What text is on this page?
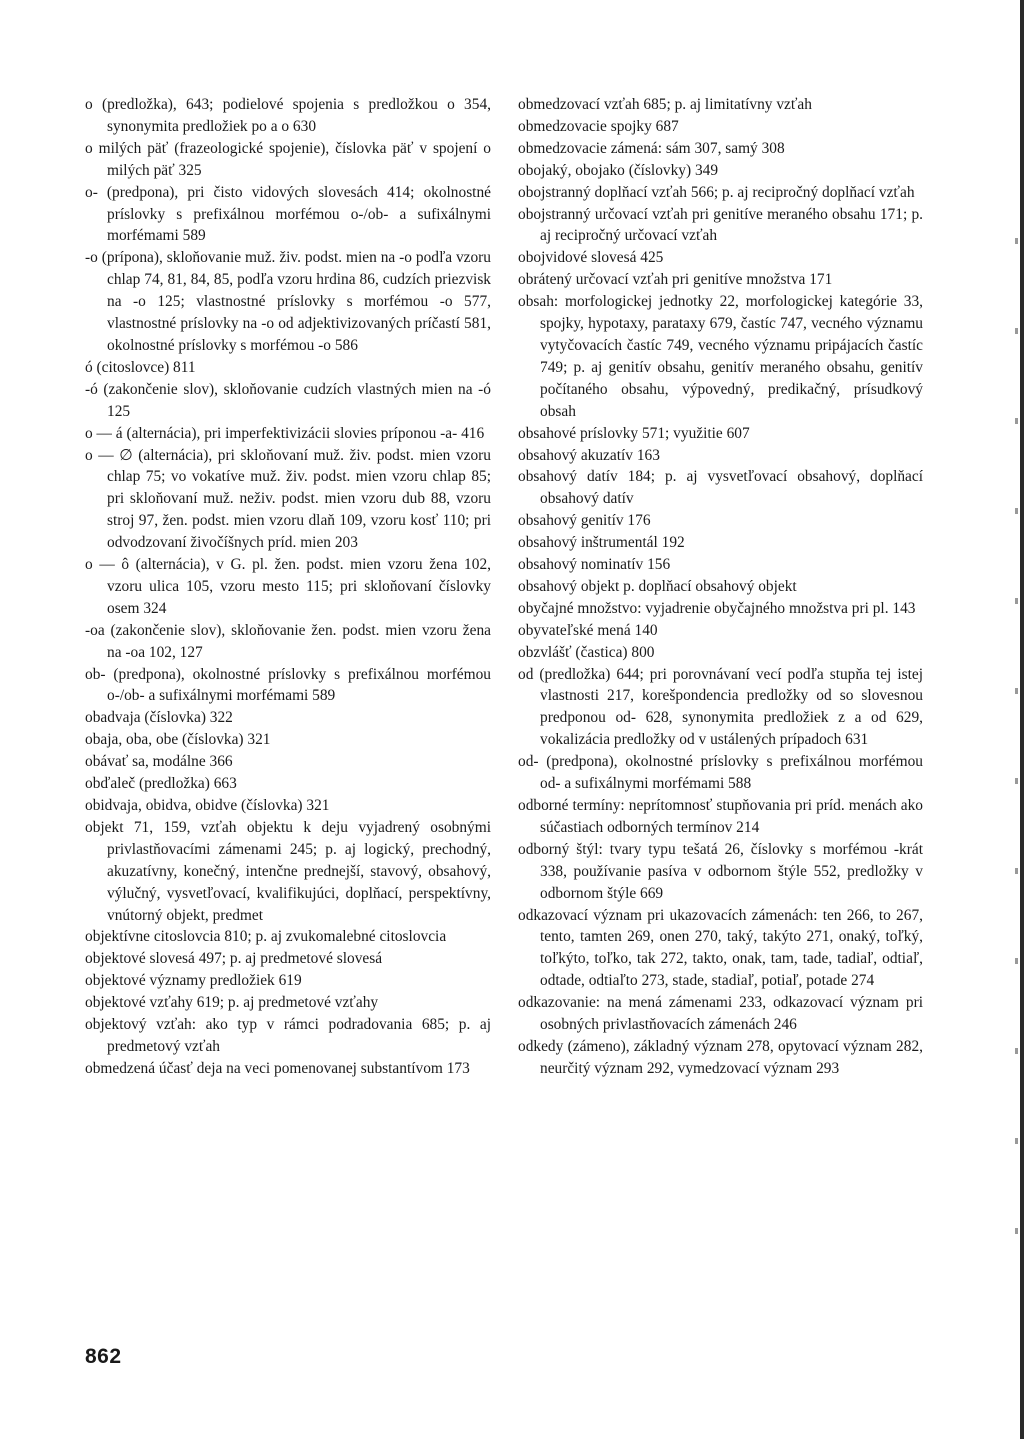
o (predložka), 643; podielové spojenia s predložkou o 354, synonymita predložiek po a o 630

o milých päť (frazeologické spojenie), číslovka päť v spojení o milých päť 325

o- (predpona), pri čisto vidových slovesách 414; okolnostné príslovky s prefixálnou morfémou o-/ob- a sufixálnymi morfémami 589

-o (prípona), skloňovanie muž. živ. podst. mien na -o podľa vzoru chlap 74, 81, 84, 85, podľa vzoru hrdina 86, cudzích priezvisk na -o 125; vlastnostné príslovky s morfémou -o 577, vlastnostné príslovky na -o od adjektivizovaných príčastí 581, okolnostné príslovky s morfémou -o 586

ó (citoslovce) 811

-ó (zakončenie slov), skloňovanie cudzích vlastných mien na -ó 125

o — á (alternácia), pri imperfektivizácii slovies príponou -a- 416

o — ∅ (alternácia), pri skloňovaní muž. živ. podst. mien vzoru chlap 75; vo vokatíve muž. živ. podst. mien vzoru chlap 85; pri skloňovaní muž. neživ. podst. mien vzoru dub 88, vzoru stroj 97, žen. podst. mien vzoru dlaň 109, vzoru kosť 110; pri odvodzovaní živočíšnych príd. mien 203

o — ô (alternácia), v G. pl. žen. podst. mien vzoru žena 102, vzoru ulica 105, vzoru mesto 115; pri skloňovaní číslovky osem 324

-oa (zakončenie slov), skloňovanie žen. podst. mien vzoru žena na -oa 102, 127

ob- (predpona), okolnostné príslovky s prefixálnou morfémou o-/ob- a sufixálnymi morfémami 589

obadvaja (číslovka) 322

obaja, oba, obe (číslovka) 321

obávať sa, modálne 366

obďaleč (predložka) 663

obidvaja, obidva, obidve (číslovka) 321

objekt 71, 159, vzťah objektu k deju vyjadrený osobnými privlastňovacími zámenami 245; p. aj logický, prechodný, akuzatívny, konečný, intenčne prednejší, stavový, obsahový, výlučný, vysvetľovací, kvalifikujúci, doplňací, perspektívny, vnútorný objekt, predmet

objektívne citoslovcia 810; p. aj zvukomalebné citoslovcia

objektové slovesá 497; p. aj predmetové slovesá

objektové významy predložiek 619

objektové vzťahy 619; p. aj predmetové vzťahy

objektový vzťah: ako typ v rámci podradovania 685; p. aj predmetový vzťah

obmedzená účasť deja na veci pomenovanej substantívom 173

obmedzovací vzťah 685; p. aj limitatívny vzťah

obmedzovacie spojky 687

obmedzovacie zámená: sám 307, samý 308

obojaký, obojako (číslovky) 349

obojstranný doplňací vzťah 566; p. aj recipročný doplňací vzťah

obojstranný určovací vzťah pri genitíve meraného obsahu 171; p. aj recipročný určovací vzťah

obojvidové slovesá 425

obrátený určovací vzťah pri genitíve množstva 171

obsah: morfologickej jednotky 22, morfologickej kategórie 33, spojky, hypotaxy, parataxy 679, častíc 747, vecného významu vytyčovacích častíc 749, vecného významu pripájacích častíc 749; p. aj genitív obsahu, genitív meraného obsahu, genitív počítaného obsahu, výpovedný, predikačný, prísudkový obsah

obsahové príslovky 571; využitie 607

obsahový akuzatív 163

obsahový datív 184; p. aj vysvetľovací obsahový, doplňací obsahový datív

obsahový genitív 176

obsahový inštrumentál 192

obsahový nominatív 156

obsahový objekt p. doplňací obsahový objekt

obyčajné množstvo: vyjadrenie obyčajného množstva pri pl. 143

obyvateľské mená 140

obzvlášť (častica) 800

od (predložka) 644; pri porovnávaní vecí podľa stupňa tej istej vlastnosti 217, korešpondencia predložky od so slovesnou predponou od- 628, synonymita predložiek z a od 629, vokalizácia predložky od v ustálených prípadoch 631

od- (predpona), okolnostné príslovky s prefixálnou morfémou od- a sufixálnymi morfémami 588

odborné termíny: neprítomnosť stupňovania pri príd. menách ako súčastiach odborných termínov 214

odborný štýl: tvary typu tešatá 26, číslovky s morfémou -krát 338, používanie pasíva v odbornom štýle 552, predložky v odbornom štýle 669

odkazovací význam pri ukazovacích zámenách: ten 266, to 267, tento, tamten 269, onen 270, taký, takýto 271, onaký, toľký, toľkýto, toľko, tak 272, takto, onak, tam, tade, tadiaľ, odtiaľ, odtade, odtiaľto 273, stade, stadiaľ, potiaľ, potade 274

odkazovanie: na mená zámenami 233, odkazovací význam pri osobných privlastňovacích zámenách 246

odkedy (zámeno), základný význam 278, opytovací význam 282, neurčitý význam 292, vymedzovací význam 293

862
